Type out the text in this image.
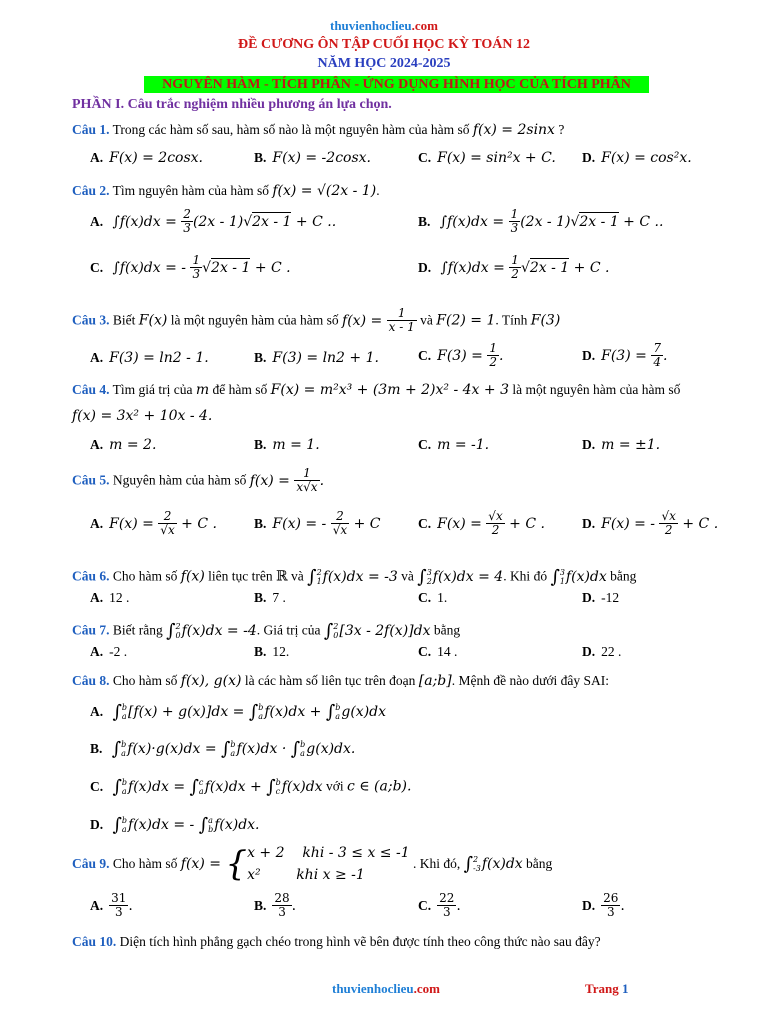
thuvienhoclieu.com
ĐỀ CƯƠNG ÔN TẬP CUỐI HỌC KỲ TOÁN 12
NĂM HỌC 2024-2025
NGUYÊN HÀM - TÍCH PHÂN - ỨNG DỤNG HÌNH HỌC CỦA TÍCH PHÂN
PHẦN I. Câu trắc nghiệm nhiều phương án lựa chọn.
Câu 1. Trong các hàm số sau, hàm số nào là một nguyên hàm của hàm số f(x) = 2sinx ?
A. F(x) = 2cosx.	B. F(x) = -2cosx.	C. F(x) = sin²x + C. D. F(x) = cos²x.
Câu 2. Tìm nguyên hàm của hàm số f(x) = √(2x - 1).
A. $\int f(x)dx = \frac{2}{3} (2x - 1)√2x - 1 + C$ ..	B. $\int f(x)dx = \frac{1}{3} (2x - 1)√2x - 1 + C$ ..
C. ∫f(x)dx = - $\frac{1}{3} √2x - 1 + C$ .	D. $\int f(x)dx = \frac{1}{2} √2x - 1 + C$ .
Câu 3. Biết F(x) là một nguyên hàm của hàm số $f(x) = \frac{1}{x - 1}$ và F(2) = 1. Tính F(3)
A. F(3) = ln2 - 1.	B. F(3) = ln2 + 1.	C. $F(3) = \frac{1}{2}$ .	D. $F(3) = \frac{7}{4}$ .
Câu 4. Tìm giá trị của m để hàm số F(x) = m²x³ + (3m + 2)x² - 4x + 3 là một nguyên hàm của hàm số
f(x) = 3x² + 10x - 4.
A. m = 2.	B. m = 1.	C. m = -1.	D. m = ±1.
Câu 5. Nguyên hàm của hàm số $f(x) = \frac{1}{x√x}$ .
A. $F(x) = \frac{2}{√x} + C$ .	B. F(x) = - $\frac{2}{√x} + C$	C. $F(x) = \frac{√x}{2} + C$ .	D. F(x) = - $\frac{√x}{2} + C$ .
Câu 6. Cho hàm số f(x) liên tục trên ℝ và ∫2
1f(x)dx = -3 và ∫3
2f(x)dx = 4. Khi đó ∫3
1f(x)dx bằng
A. 12 .	B. 7 .	C. 1.	D. -12
Câu 7. Biết rằng ∫2
0f(x)dx = -4. Giá trị của ∫2
0[3x - 2f(x)]dx bằng
A. -2 .	B. 12.	C. 14 .	D. 22 .
Câu 8. Cho hàm số f(x), g(x) là các hàm số liên tục trên đoạn [a;b]. Mệnh đề nào dưới đây SAI:
A. ∫b
a[f(x) + g(x)]dx = ∫b
af(x)dx + ∫b
ag(x)dx
B. ∫b
af(x)·g(x)dx = ∫b
af(x)dx · ∫b
ag(x)dx.
C. ∫b
af(x)dx = ∫c
af(x)dx + ∫b
c f(x)dx với c ∈ (a;b).
D. ∫b
af(x)dx = - ∫a
bf(x)dx.
Câu 9. Cho hàm số f(x) = {x + 2 khi - 3 ≤ x ≤ -1
x²	khi x ≥ -1 . Khi đó, ∫2
-3f(x)dx bằng
A. $\frac{31}{3}$ .	B. $\frac{28}{3}$ .	C. $\frac{22}{3}$ .	D. $\frac{26}{3}$ .
Câu 10. Diện tích hình phẳng gạch chéo trong hình vẽ bên được tính theo công thức nào sau đây?
thuvienhoclieu.com	Trang 1
